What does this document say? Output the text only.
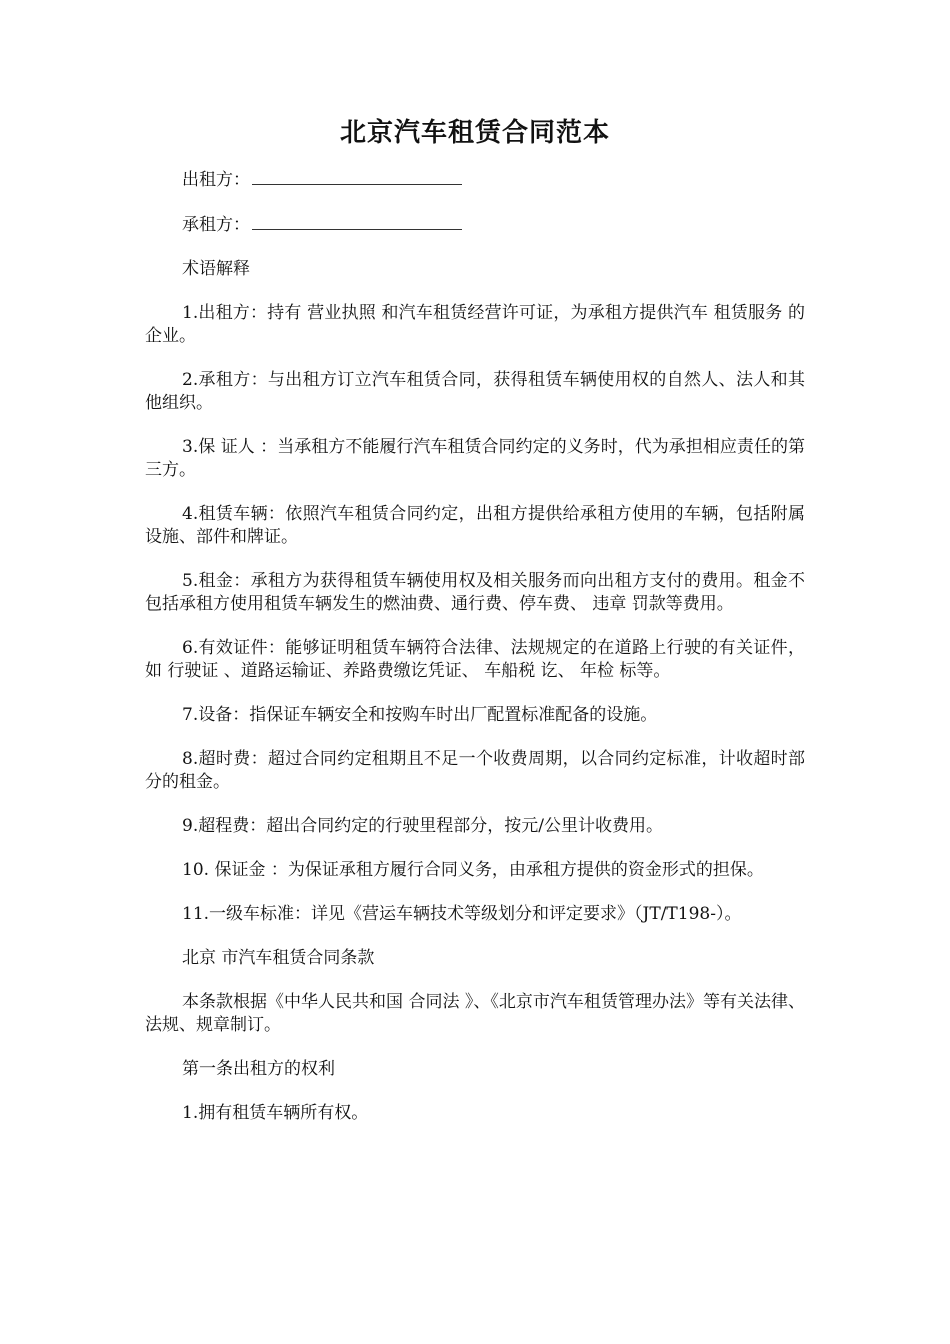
北京汽车租赁合同范本
出租方：
承租方：

术语解释

1.出租方：持有 营业执照 和汽车租赁经营许可证，为承租方提供汽车 租赁服务 的企业。

2.承租方：与出租方订立汽车租赁合同，获得租赁车辆使用权的自然人、法人和其他组织。

3.保 证人 ：当承租方不能履行汽车租赁合同约定的义务时，代为承担相应责任的第三方。

4.租赁车辆：依照汽车租赁合同约定，出租方提供给承租方使用的车辆，包括附属设施、部件和牌证。

5.租金：承租方为获得租赁车辆使用权及相关服务而向出租方支付的费用。租金不包括承租方使用租赁车辆发生的燃油费、通行费、停车费、 违章 罚款等费用。

6.有效证件：能够证明租赁车辆符合法律、法规规定的在道路上行驶的有关证件，如 行驶证 、道路运输证、养路费缴讫凭证、 车船税 讫、 年检 标等。

7.设备：指保证车辆安全和按购车时出厂配置标准配备的设施。

8.超时费：超过合同约定租期且不足一个收费周期，以合同约定标准，计收超时部分的租金。

9.超程费：超出合同约定的行驶里程部分，按元/公里计收费用。

10. 保证金 ：为保证承租方履行合同义务，由承租方提供的资金形式的担保。

11.一级车标准：详见《营运车辆技术等级划分和评定要求》（JT/T198-）。

北京 市汽车租赁合同条款

本条款根据《中华人民共和国 合同法 》、《北京市汽车租赁管理办法》等有关法律、法规、规章制订。

第一条出租方的权利

1.拥有租赁车辆所有权。
